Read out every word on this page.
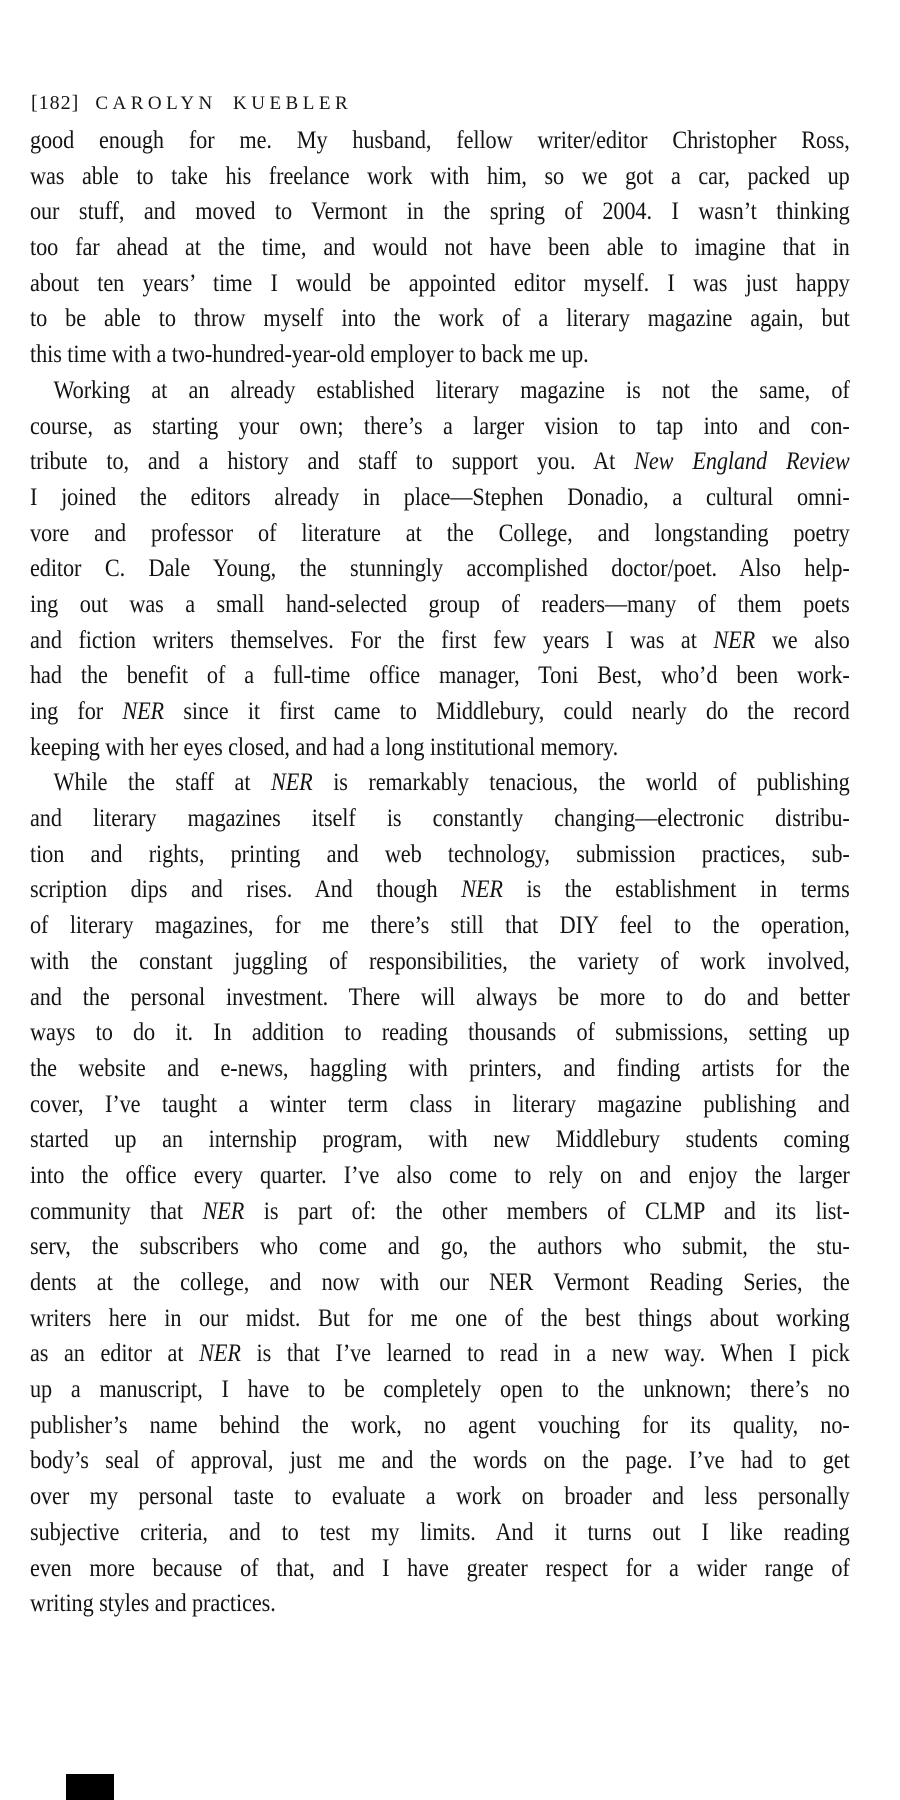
[182] CAROLYN KUEBLER
good enough for me. My husband, fellow writer/editor Christopher Ross,
was able to take his freelance work with him, so we got a car, packed up
our stuff, and moved to Vermont in the spring of 2004. I wasn’t thinking
too far ahead at the time, and would not have been able to imagine that in
about ten years’ time I would be appointed editor myself. I was just happy
to be able to throw myself into the work of a literary magazine again, but
this time with a two-hundred-year-old employer to back me up.
Working at an already established literary magazine is not the same, of
course, as starting your own; there’s a larger vision to tap into and con-
tribute to, and a history and staff to support you. At New England Review
I joined the editors already in place—Stephen Donadio, a cultural omni-
vore and professor of literature at the College, and longstanding poetry
editor C. Dale Young, the stunningly accomplished doctor/poet. Also help-
ing out was a small hand-selected group of readers—many of them poets
and fiction writers themselves. For the first few years I was at NER we also
had the benefit of a full-time office manager, Toni Best, who’d been work-
ing for NER since it first came to Middlebury, could nearly do the record
keeping with her eyes closed, and had a long institutional memory.
While the staff at NER is remarkably tenacious, the world of publishing
and literary magazines itself is constantly changing—electronic distribu-
tion and rights, printing and web technology, submission practices, sub-
scription dips and rises. And though NER is the establishment in terms
of literary magazines, for me there’s still that DIY feel to the operation,
with the constant juggling of responsibilities, the variety of work involved,
and the personal investment. There will always be more to do and better
ways to do it. In addition to reading thousands of submissions, setting up
the website and e-news, haggling with printers, and finding artists for the
cover, I’ve taught a winter term class in literary magazine publishing and
started up an internship program, with new Middlebury students coming
into the office every quarter. I’ve also come to rely on and enjoy the larger
community that NER is part of: the other members of CLMP and its list-
serv, the subscribers who come and go, the authors who submit, the stu-
dents at the college, and now with our NER Vermont Reading Series, the
writers here in our midst. But for me one of the best things about working
as an editor at NER is that I’ve learned to read in a new way. When I pick
up a manuscript, I have to be completely open to the unknown; there’s no
publisher’s name behind the work, no agent vouching for its quality, no-
body’s seal of approval, just me and the words on the page. I’ve had to get
over my personal taste to evaluate a work on broader and less personally
subjective criteria, and to test my limits. And it turns out I like reading
even more because of that, and I have greater respect for a wider range of
writing styles and practices.
